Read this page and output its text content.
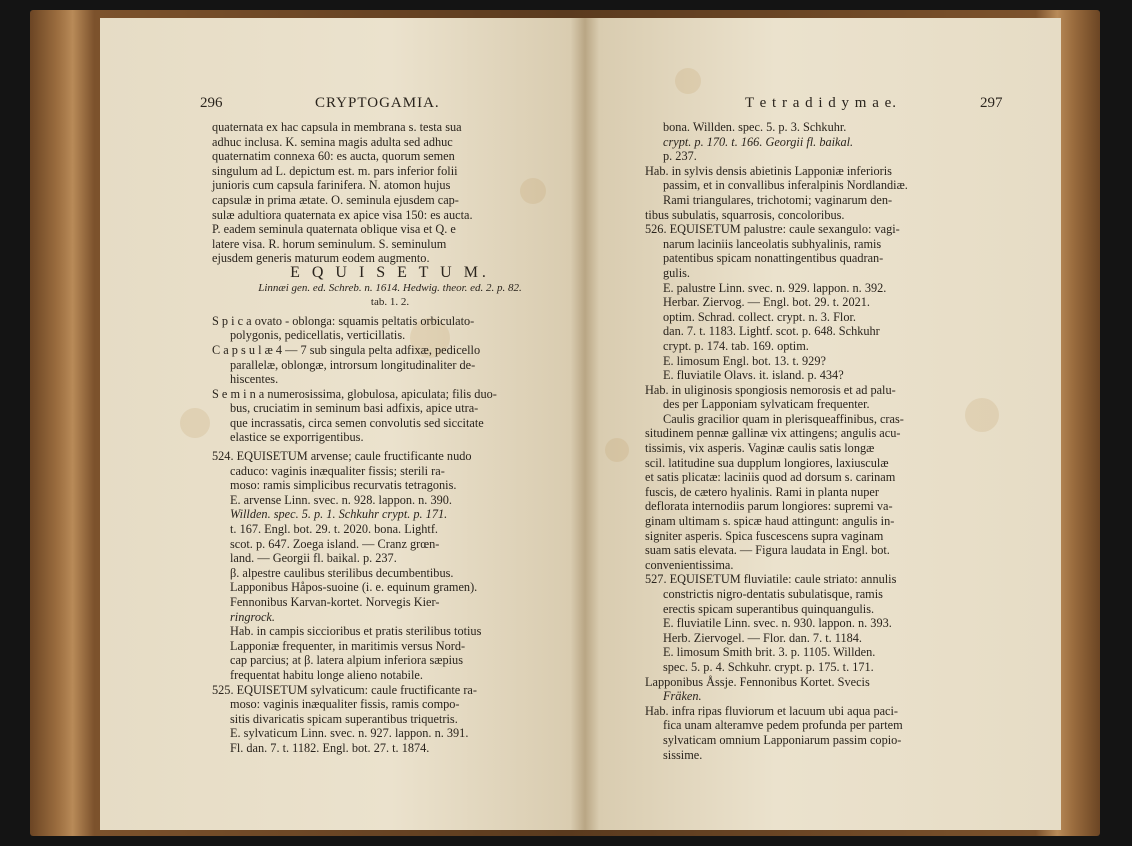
296	CRYPTOGAMIA.

quaternata ex hac capsula in membrana s. testa sua

adhuc inclusa. K. semina magis adulta sed adhuc

quaternatim connexa 60: es aucta, quorum semen

singulum ad L. depictum est. m. pars inferior folii

junioris cum capsula farinifera. N. atomon hujus

capsulæ in prima ætate. O. seminula ejusdem cap-

sulæ adultiora quaternata ex apice visa 150: es aucta.

P. eadem seminula quaternata oblique visa et Q. e

latere visa. R. horum seminulum. S. seminulum

ejusdem generis maturum eodem augmento.

E Q U I S E T U M.

Linnæi gen. ed. Schreb. n. 1614. Hedwig. theor. ed. 2. p. 82.

tab. 1. 2.

S p i c a ovato - oblonga: squamis peltatis orbiculato-

polygonis, pedicellatis, verticillatis.

C a p s u l æ 4 — 7 sub singula pelta adfixæ, pedicello

parallelæ, oblongæ, introrsum longitudinaliter de-

hiscentes.

S e m i n a numerosissima, globulosa, apiculata; filis duo-

bus, cruciatim in seminum basi adfixis, apice utra-

que incrassatis, circa semen convolutis sed siccitate

elastice se exporrigentibus.

524. EQUISETUM arvense; caule fructificante nudo

caduco: vaginis inæqualiter fissis; sterili ra-

moso: ramis simplicibus recurvatis tetragonis.

E. arvense Linn. svec. n. 928. lappon. n. 390.

Willden. spec. 5. p. 1. Schkuhr crypt. p. 171.

t. 167. Engl. bot. 29. t. 2020. bona. Lightf.

scot. p. 647. Zoega island. — Cranz grœn-

land. — Georgii fl. baikal. p. 237.

β. alpestre caulibus sterilibus decumbentibus.

Lapponibus Håpos-suoine (i. e. equinum gramen).

Fennonibus Karvan-kortet. Norvegis Kier-

ringrock.

Hab. in campis siccioribus et pratis sterilibus totius

Lapponiæ frequenter, in maritimis versus Nord-

cap parcius; at β. latera alpium inferiora sæpius

frequentat habitu longe alieno notabile.

525. EQUISETUM sylvaticum: caule fructificante ra-

moso: vaginis inæqualiter fissis, ramis compo-

sitis divaricatis spicam superantibus triquetris.

E. sylvaticum Linn. svec. n. 927. lappon. n. 391.

Fl. dan. 7. t. 1182. Engl. bot. 27. t. 1874.

T e t r a d i d y m a e.	297

bona. Willden. spec. 5. p. 3. Schkuhr.

crypt. p. 170. t. 166. Georgii fl. baikal.

p. 237.

Hab. in sylvis densis abietinis Lapponiæ inferioris

passim, et in convallibus inferalpinis Nordlandiæ.

Rami triangulares, trichotomi; vaginarum den-

tibus subulatis, squarrosis, concoloribus.

526. EQUISETUM palustre: caule sexangulo: vagi-

narum laciniis lanceolatis subhyalinis, ramis

patentibus spicam nonattingentibus quadran-

gulis.

E. palustre Linn. svec. n. 929. lappon. n. 392.

Herbar. Ziervog. — Engl. bot. 29. t. 2021.

optim. Schrad. collect. crypt. n. 3. Flor.

dan. 7. t. 1183. Lightf. scot. p. 648. Schkuhr

crypt. p. 174. tab. 169. optim.

E. limosum Engl. bot. 13. t. 929?

E. fluviatile Olavs. it. island. p. 434?

Hab. in uliginosis spongiosis nemorosis et ad palu-

des per Lapponiam sylvaticam frequenter.

Caulis gracilior quam in plerisqueaffinibus, cras-

situdinem pennæ gallinæ vix attingens; angulis acu-

tissimis, vix asperis. Vaginæ caulis satis longæ

scil. latitudine sua dupplum longiores, laxiusculæ

et satis plicatæ: laciniis quod ad dorsum s. carinam

fuscis, de cætero hyalinis. Rami in planta nuper

deflorata internodiis parum longiores: supremi va-

ginam ultimam s. spicæ haud attingunt: angulis in-

signiter asperis. Spica fuscescens supra vaginam

suam satis elevata. — Figura laudata in Engl. bot.

convenientissima.

527. EQUISETUM fluviatile: caule striato: annulis

constrictis nigro-dentatis subulatisque, ramis

erectis spicam superantibus quinquangulis.

E. fluviatile Linn. svec. n. 930. lappon. n. 393.

Herb. Ziervogel. — Flor. dan. 7. t. 1184.

E. limosum Smith brit. 3. p. 1105. Willden.

spec. 5. p. 4. Schkuhr. crypt. p. 175. t. 171.

Lapponibus Åssje. Fennonibus Kortet. Svecis

Fräken.

Hab. infra ripas fluviorum et lacuum ubi aqua paci-

fica unam alteramve pedem profunda per partem

sylvaticam omnium Lapponiarum passim copio-

sissime.
